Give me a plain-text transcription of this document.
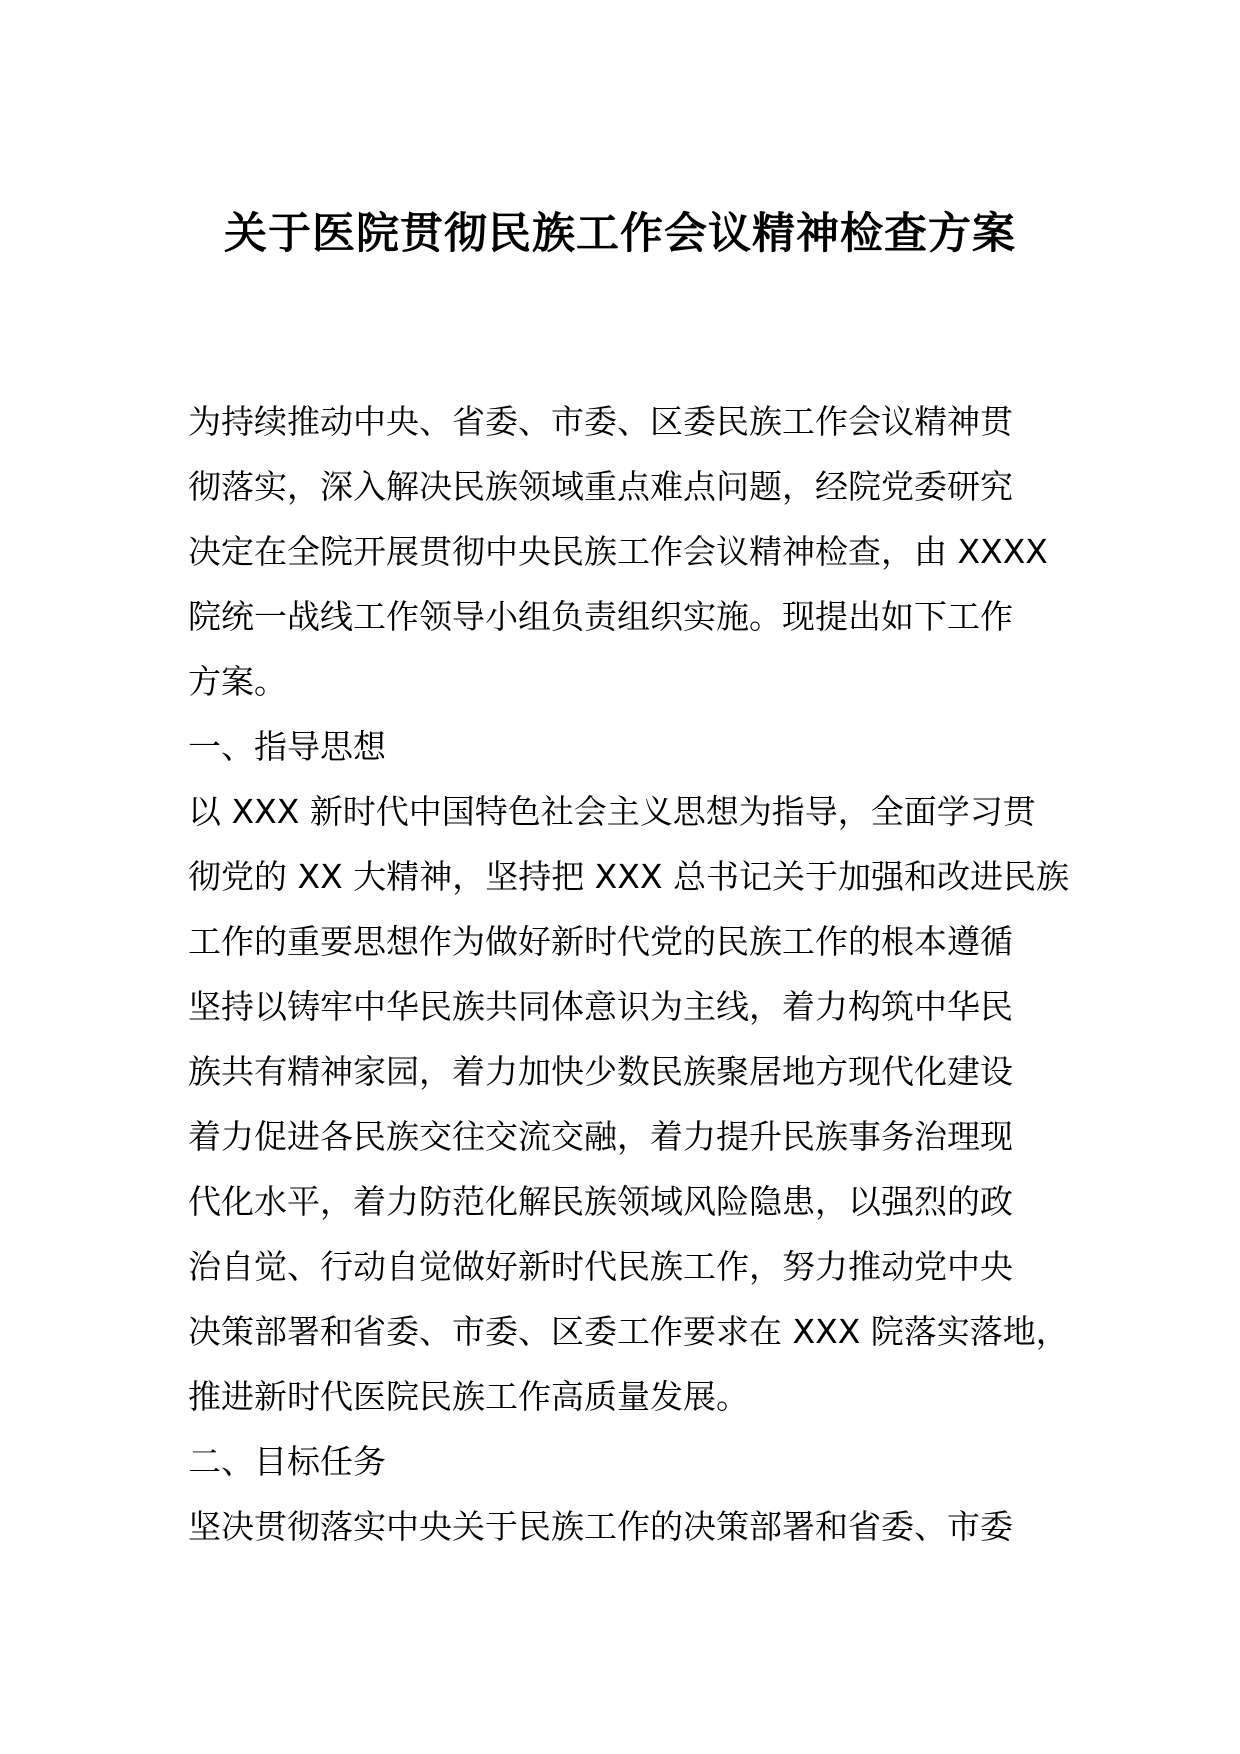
关于医院贯彻民族工作会议精神检查方案
为持续推动中央、省委、市委、区委民族工作会议精神贯
彻落实，深入解决民族领域重点难点问题，经院党委研究
决定在全院开展贯彻中央民族工作会议精神检查，由 XXXX
院统一战线工作领导小组负责组织实施。现提出如下工作
方案。
一、指导思想
以 XXX 新时代中国特色社会主义思想为指导，全面学习贯
彻党的 XX 大精神，坚持把 XXX 总书记关于加强和改进民族
工作的重要思想作为做好新时代党的民族工作的根本遵循
坚持以铸牢中华民族共同体意识为主线，着力构筑中华民
族共有精神家园，着力加快少数民族聚居地方现代化建设
着力促进各民族交往交流交融，着力提升民族事务治理现
代化水平，着力防范化解民族领域风险隐患，以强烈的政
治自觉、行动自觉做好新时代民族工作，努力推动党中央
决策部署和省委、市委、区委工作要求在 XXX 院落实落地，
推进新时代医院民族工作高质量发展。
二、目标任务
坚决贯彻落实中央关于民族工作的决策部署和省委、市委
